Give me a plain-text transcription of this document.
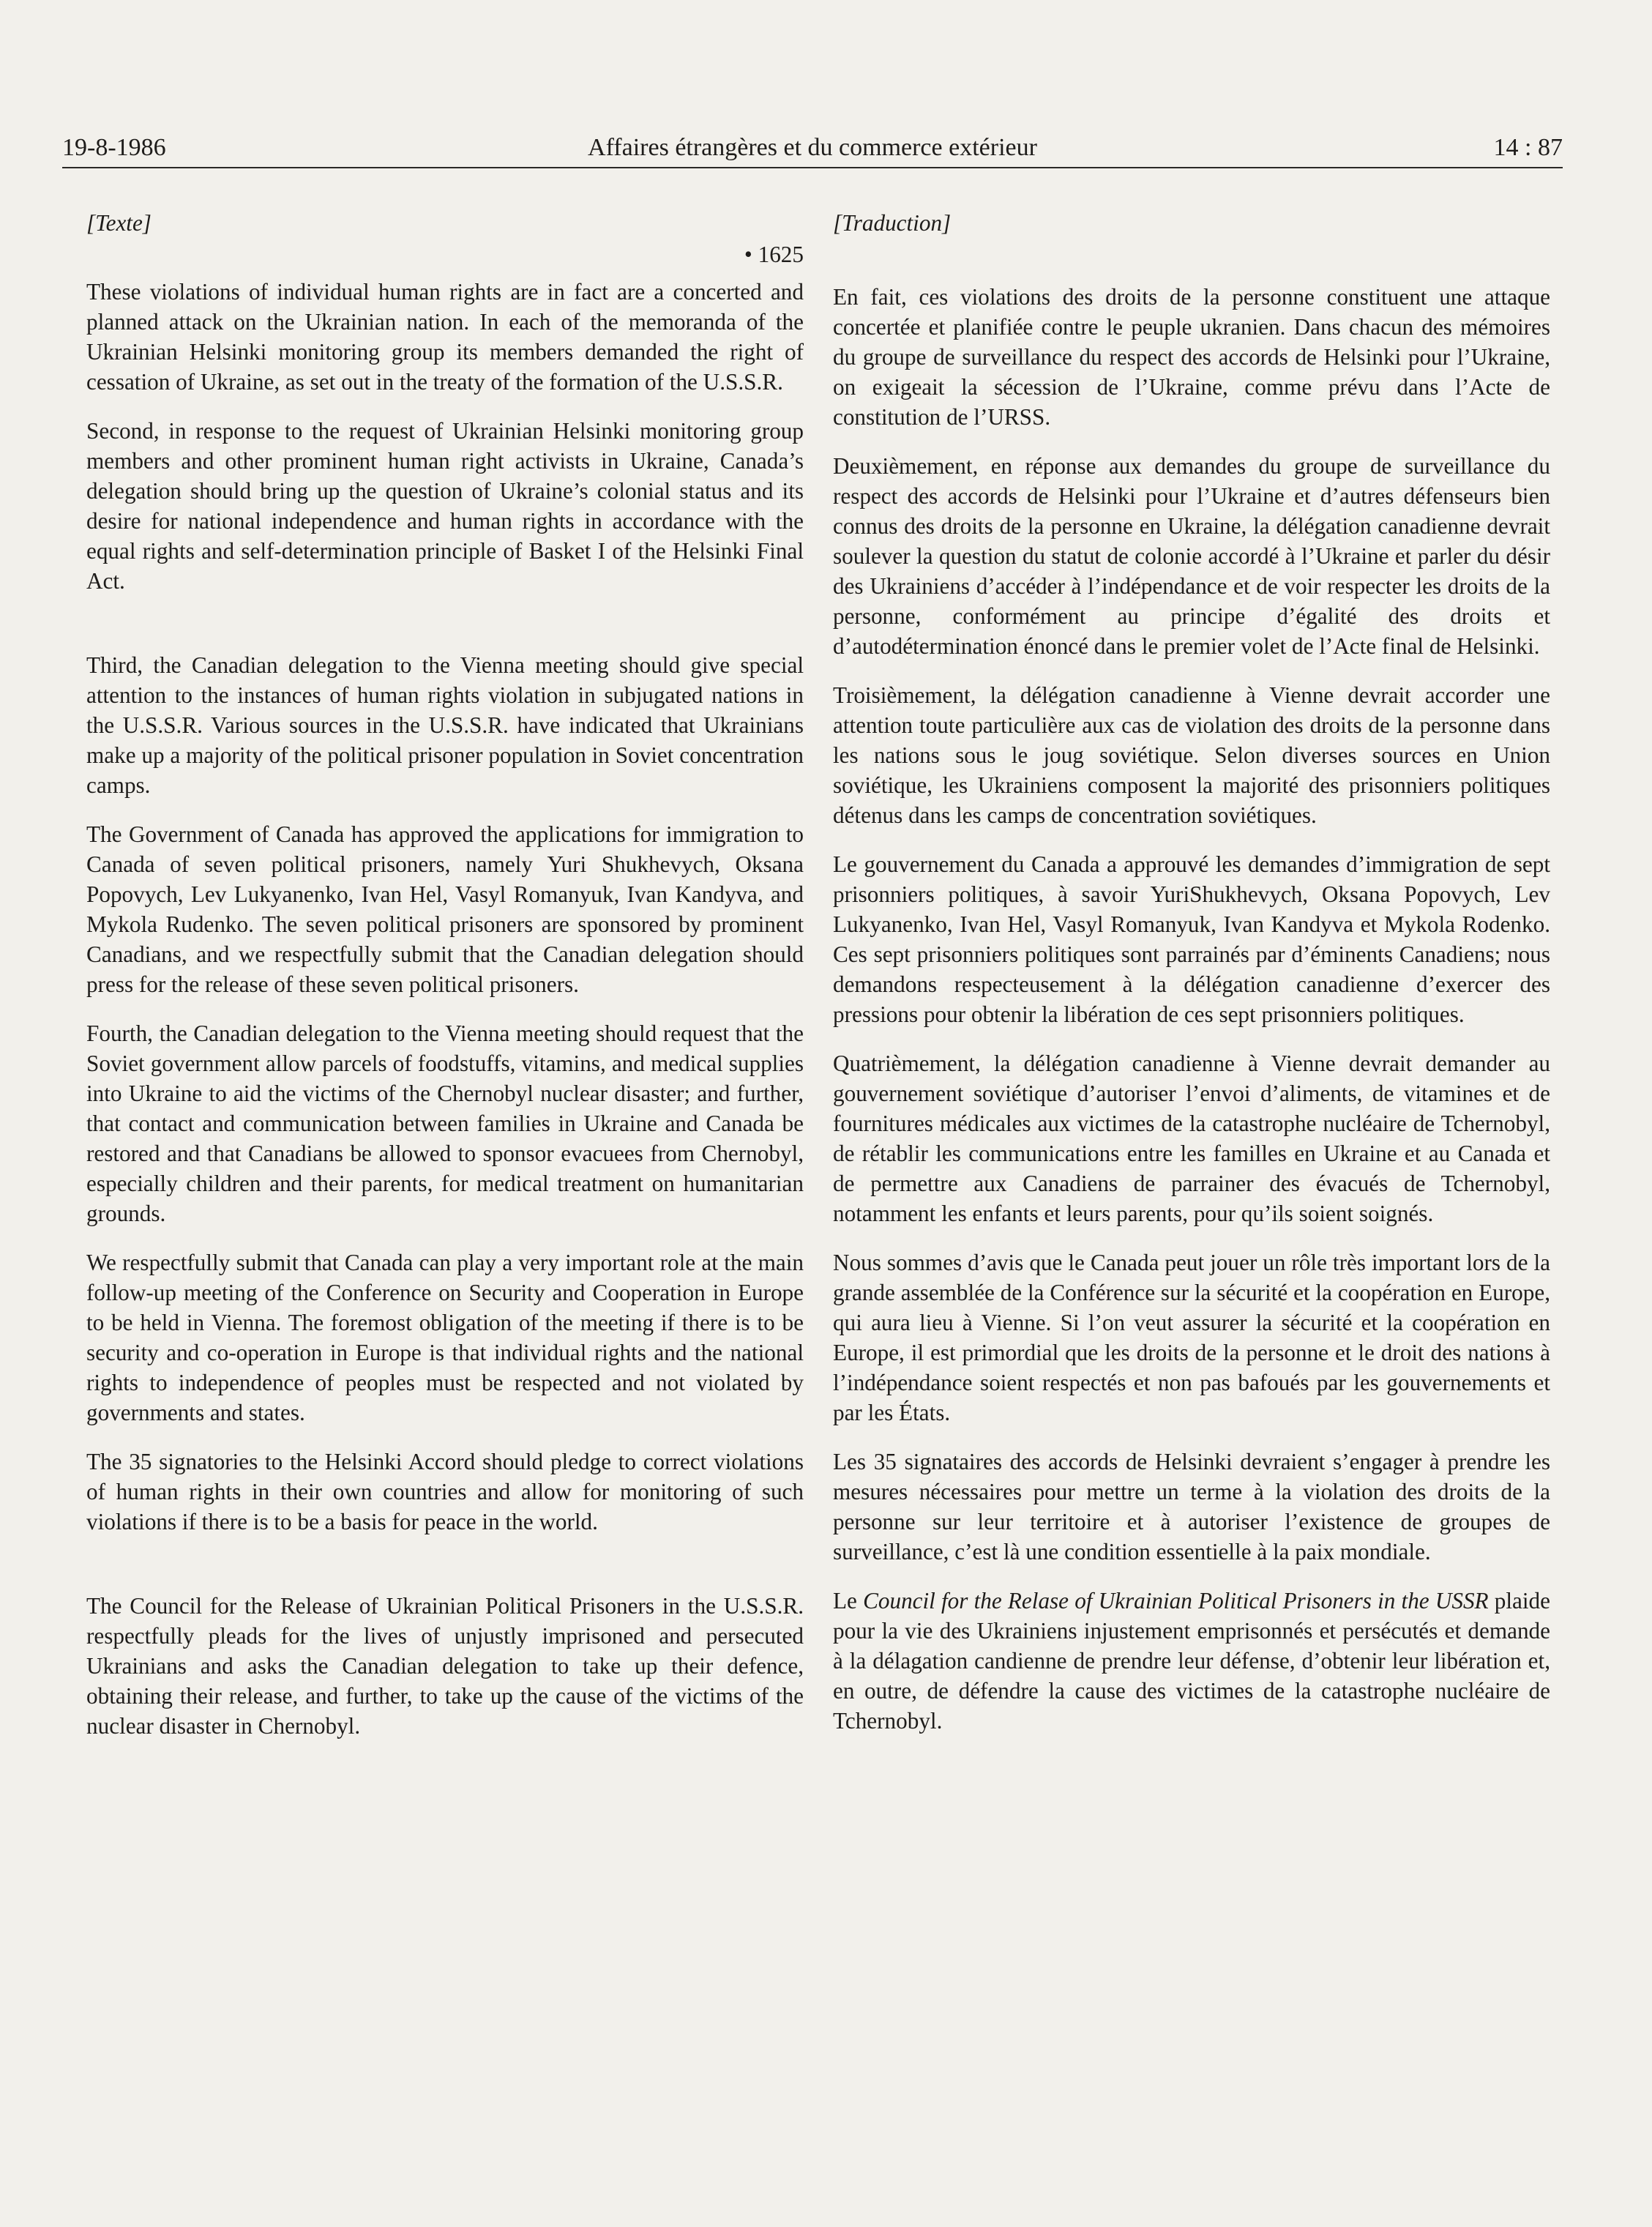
19-8-1986	Affaires étrangères et du commerce extérieur	14 : 87
[Texte]
• 1625

These violations of individual human rights are in fact are a concerted and planned attack on the Ukrainian nation. In each of the memoranda of the Ukrainian Helsinki monitoring group its members demanded the right of cessation of Ukraine, as set out in the treaty of the formation of the U.S.S.R.

Second, in response to the request of Ukrainian Helsinki monitoring group members and other prominent human right activists in Ukraine, Canada’s delegation should bring up the question of Ukraine’s colonial status and its desire for national independence and human rights in accordance with the equal rights and self-determination principle of Basket I of the Helsinki Final Act.

Third, the Canadian delegation to the Vienna meeting should give special attention to the instances of human rights violation in subjugated nations in the U.S.S.R. Various sources in the U.S.S.R. have indicated that Ukrainians make up a majority of the political prisoner population in Soviet concentration camps.

The Government of Canada has approved the applications for immigration to Canada of seven political prisoners, namely Yuri Shukhevych, Oksana Popovych, Lev Lukyanenko, Ivan Hel, Vasyl Romanyuk, Ivan Kandyva, and Mykola Rudenko. The seven political prisoners are sponsored by prominent Canadians, and we respectfully submit that the Canadian delegation should press for the release of these seven political prisoners.

Fourth, the Canadian delegation to the Vienna meeting should request that the Soviet government allow parcels of foodstuffs, vitamins, and medical supplies into Ukraine to aid the victims of the Chernobyl nuclear disaster; and further, that contact and communication between families in Ukraine and Canada be restored and that Canadians be allowed to sponsor evacuees from Chernobyl, especially children and their parents, for medical treatment on humanitarian grounds.

We respectfully submit that Canada can play a very important role at the main follow-up meeting of the Conference on Security and Cooperation in Europe to be held in Vienna. The foremost obligation of the meeting if there is to be security and co-operation in Europe is that individual rights and the national rights to independence of peoples must be respected and not violated by governments and states.

The 35 signatories to the Helsinki Accord should pledge to correct violations of human rights in their own countries and allow for monitoring of such violations if there is to be a basis for peace in the world.

The Council for the Release of Ukrainian Political Prisoners in the U.S.S.R. respectfully pleads for the lives of unjustly imprisoned and persecuted Ukrainians and asks the Canadian delegation to take up their defence, obtaining their release, and further, to take up the cause of the victims of the nuclear disaster in Chernobyl.

[Traduction]

En fait, ces violations des droits de la personne constituent une attaque concertée et planifiée contre le peuple ukranien. Dans chacun des mémoires du groupe de surveillance du respect des accords de Helsinki pour l’Ukraine, on exigeait la sécession de l’Ukraine, comme prévu dans l’Acte de constitution de l’URSS.

Deuxièmement, en réponse aux demandes du groupe de surveillance du respect des accords de Helsinki pour l’Ukraine et d’autres défenseurs bien connus des droits de la personne en Ukraine, la délégation canadienne devrait soulever la question du statut de colonie accordé à l’Ukraine et parler du désir des Ukrainiens d’accéder à l’indépendance et de voir respecter les droits de la personne, conformément au principe d’égalité des droits et d’autodétermination énoncé dans le premier volet de l’Acte final de Helsinki.

Troisièmement, la délégation canadienne à Vienne devrait accorder une attention toute particulière aux cas de violation des droits de la personne dans les nations sous le joug soviétique. Selon diverses sources en Union soviétique, les Ukrainiens composent la majorité des prisonniers politiques détenus dans les camps de concentration soviétiques.

Le gouvernement du Canada a approuvé les demandes d’immigration de sept prisonniers politiques, à savoir YuriShukhevych, Oksana Popovych, Lev Lukyanenko, Ivan Hel, Vasyl Romanyuk, Ivan Kandyva et Mykola Rodenko. Ces sept prisonniers politiques sont parrainés par d’éminents Canadiens; nous demandons respecteusement à la délégation canadienne d’exercer des pressions pour obtenir la libération de ces sept prisonniers politiques.

Quatrièmement, la délégation canadienne à Vienne devrait demander au gouvernement soviétique d’autoriser l’envoi d’aliments, de vitamines et de fournitures médicales aux victimes de la catastrophe nucléaire de Tchernobyl, de rétablir les communications entre les familles en Ukraine et au Canada et de permettre aux Canadiens de parrainer des évacués de Tchernobyl, notamment les enfants et leurs parents, pour qu’ils soient soignés.

Nous sommes d’avis que le Canada peut jouer un rôle très important lors de la grande assemblée de la Conférence sur la sécurité et la coopération en Europe, qui aura lieu à Vienne. Si l’on veut assurer la sécurité et la coopération en Europe, il est primordial que les droits de la personne et le droit des nations à l’indépendance soient respectés et non pas bafoués par les gouvernements et par les États.

Les 35 signataires des accords de Helsinki devraient s’engager à prendre les mesures nécessaires pour mettre un terme à la violation des droits de la personne sur leur territoire et à autoriser l’existence de groupes de surveillance, c’est là une condition essentielle à la paix mondiale.

Le Council for the Relase of Ukrainian Political Prisoners in the USSR plaide pour la vie des Ukrainiens injustement emprisonnés et persécutés et demande à la délagation candienne de prendre leur défense, d’obtenir leur libération et, en outre, de défendre la cause des victimes de la catastrophe nucléaire de Tchernobyl.
